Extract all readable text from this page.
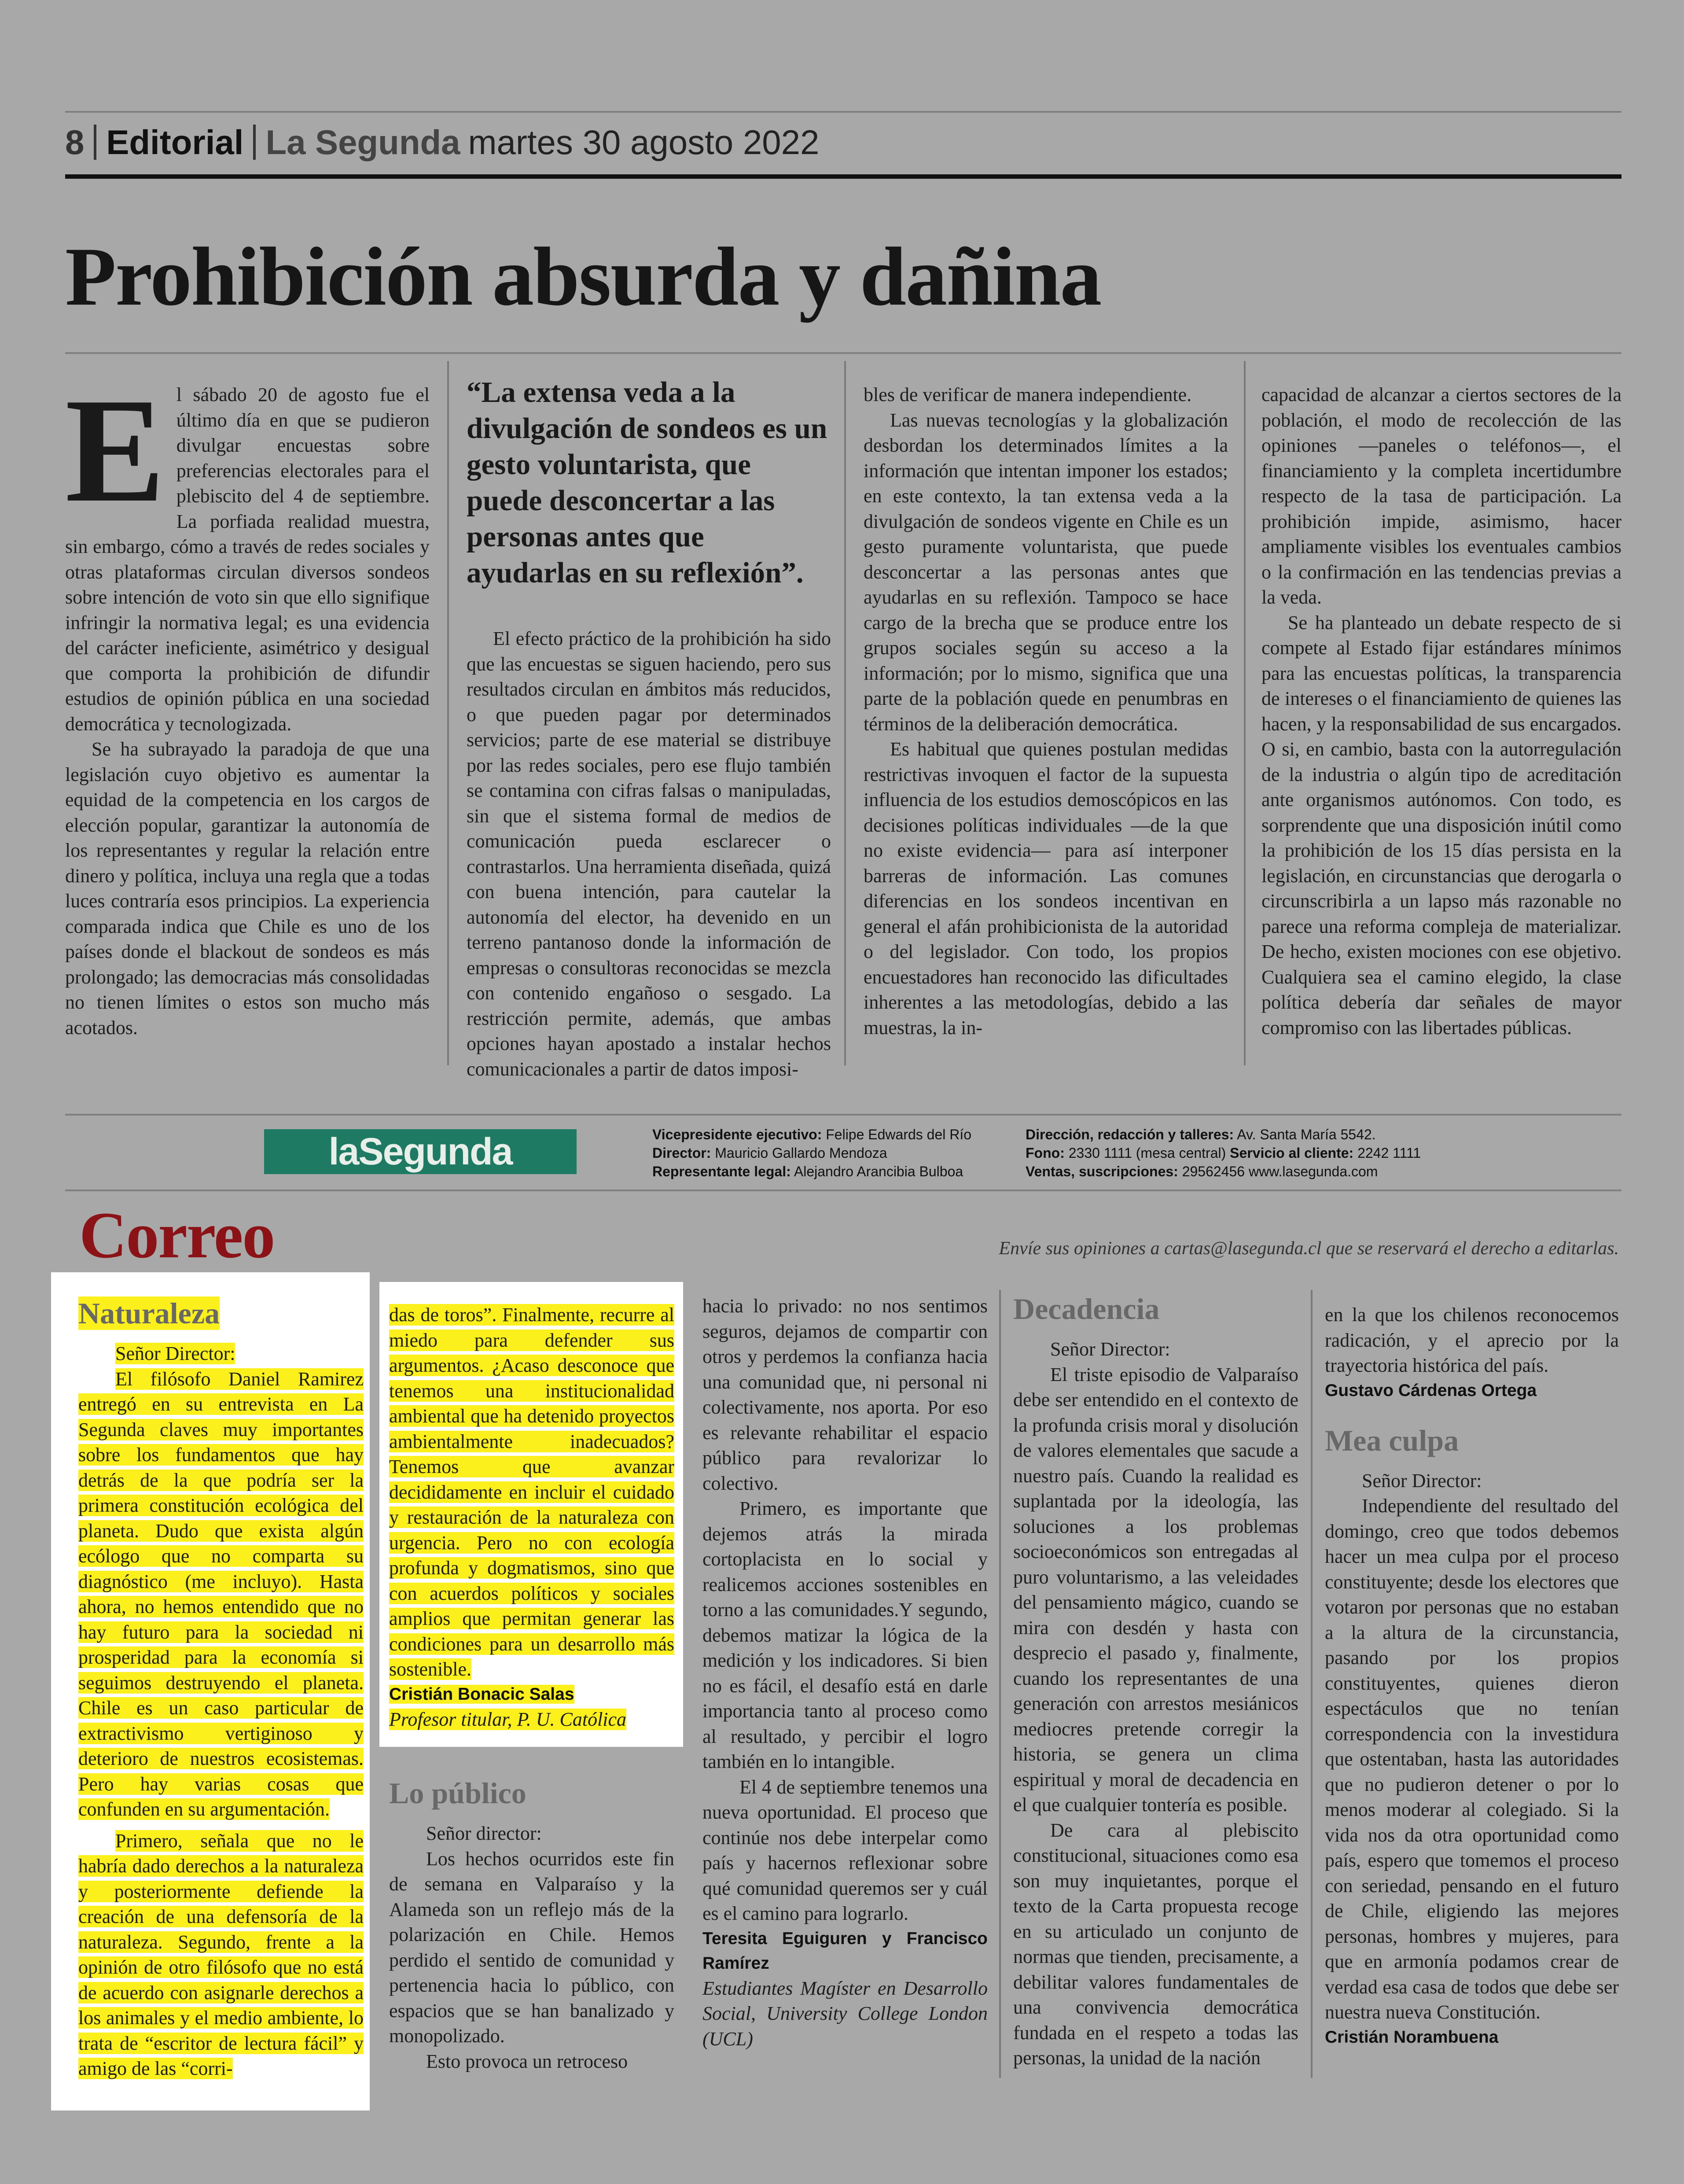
8 Editorial La Segunda martes 30 agosto 2022
Prohibición absurda y dañina
E l sábado 20 de agosto fue el último día en que se pudieron divulgar encuestas sobre preferencias electorales para el plebiscito del 4 de septiembre. La porfiada realidad muestra, sin embargo, cómo a través de redes sociales y otras plataformas circulan diversos sondeos sobre intención de voto sin que ello signifique infringir la normativa legal; es una evidencia del carácter ineficiente, asimétrico y desigual que comporta la prohibición de difundir estudios de opinión pública en una sociedad democrática y tecnologizada.

Se ha subrayado la paradoja de que una legislación cuyo objetivo es aumentar la equidad de la competencia en los cargos de elección popular, garantizar la autonomía de los representantes y regular la relación entre dinero y política, incluya una regla que a todas luces contraría esos principios. La experiencia comparada indica que Chile es uno de los países donde el blackout de sondeos es más prolongado; las democracias más consolidadas no tienen límites o estos son mucho más acotados.

“La extensa veda a la divulgación de sondeos es un gesto voluntarista, que puede desconcertar a las personas antes que ayudarlas en su reflexión”.

El efecto práctico de la prohibición ha sido que las encuestas se siguen haciendo, pero sus resultados circulan en ámbitos más reducidos, o que pueden pagar por determinados servicios; parte de ese material se distribuye por las redes sociales, pero ese flujo también se contamina con cifras falsas o manipuladas, sin que el sistema formal de medios de comunicación pueda esclarecer o contrastarlos. Una herramienta diseñada, quizá con buena intención, para cautelar la autonomía del elector, ha devenido en un terreno pantanoso donde la información de empresas o consultoras reconocidas se mezcla con contenido engañoso o sesgado. La restricción permite, además, que ambas opciones hayan apostado a instalar hechos comunicacionales a partir de datos imposi-

bles de verificar de manera independiente.

Las nuevas tecnologías y la globalización desbordan los determinados límites a la información que intentan imponer los estados; en este contexto, la tan extensa veda a la divulgación de sondeos vigente en Chile es un gesto puramente voluntarista, que puede desconcertar a las personas antes que ayudarlas en su reflexión. Tampoco se hace cargo de la brecha que se produce entre los grupos sociales según su acceso a la información; por lo mismo, significa que una parte de la población quede en penumbras en términos de la deliberación democrática.

Es habitual que quienes postulan medidas restrictivas invoquen el factor de la supuesta influencia de los estudios demoscópicos en las decisiones políticas individuales —de la que no existe evidencia— para así interponer barreras de información. Las comunes diferencias en los sondeos incentivan en general el afán prohibicionista de la autoridad o del legislador. Con todo, los propios encuestadores han reconocido las dificultades inherentes a las metodologías, debido a las muestras, la in-

capacidad de alcanzar a ciertos sectores de la población, el modo de recolección de las opiniones —paneles o teléfonos—, el financiamiento y la completa incertidumbre respecto de la tasa de participación. La prohibición impide, asimismo, hacer ampliamente visibles los eventuales cambios o la confirmación en las tendencias previas a la veda.

Se ha planteado un debate respecto de si compete al Estado fijar estándares mínimos para las encuestas políticas, la transparencia de intereses o el financiamiento de quienes las hacen, y la responsabilidad de sus encargados. O si, en cambio, basta con la autorregulación de la industria o algún tipo de acreditación ante organismos autónomos. Con todo, es sorprendente que una disposición inútil como la prohibición de los 15 días persista en la legislación, en circunstancias que derogarla o circunscribirla a un lapso más razonable no parece una reforma compleja de materializar. De hecho, existen mociones con ese objetivo. Cualquiera sea el camino elegido, la clase política debería dar señales de mayor compromiso con las libertades públicas.

laSegunda	Vicepresidente ejecutivo: Felipe Edwards del Río
Director: Mauricio Gallardo Mendoza
Representante legal: Alejandro Arancibia Bulboa
Dirección, redacción y talleres: Av. Santa María 5542.
Fono: 2330 1111 (mesa central) Servicio al cliente: 2242 1111
Ventas, suscripciones: 29562456 www.lasegunda.com
Correo	Envíe sus opiniones a cartas@lasegunda.cl que se reservará el derecho a editarlas.
Naturaleza

Señor Director:

El filósofo Daniel Ramirez entregó en su entrevista en La Segunda claves muy importantes sobre los fundamentos que hay detrás de la que podría ser la primera constitución ecológica del planeta. Dudo que exista algún ecólogo que no comparta su diagnóstico (me incluyo). Hasta ahora, no hemos entendido que no hay futuro para la sociedad ni prosperidad para la economía si seguimos destruyendo el planeta. Chile es un caso particular de extractivismo vertiginoso y deterioro de nuestros ecosistemas. Pero hay varias cosas que confunden en su argumentación.

Primero, señala que no le habría dado derechos a la naturaleza y posteriormente defiende la creación de una defensoría de la naturaleza. Segundo, frente a la opinión de otro filósofo que no está de acuerdo con asignarle derechos a los animales y el medio ambiente, lo trata de “escritor de lectura fácil” y amigo de las “corri-

das de toros”. Finalmente, recurre al miedo para defender sus argumentos. ¿Acaso desconoce que tenemos una institucionalidad ambiental que ha detenido proyectos ambientalmente inadecuados? Tenemos que avanzar decididamente en incluir el cuidado y restauración de la naturaleza con urgencia. Pero no con ecología profunda y dogmatismos, sino que con acuerdos políticos y sociales amplios que permitan generar las condiciones para un desarrollo más sostenible.

Cristián Bonacic Salas
Profesor titular, P. U. Católica
Lo público

Señor director:

Los hechos ocurridos este fin de semana en Valparaíso y la Alameda son un reflejo más de la polarización en Chile. Hemos perdido el sentido de comunidad y pertenencia hacia lo público, con espacios que se han banalizado y monopolizado.

Esto provoca un retroceso

hacia lo privado: no nos sentimos seguros, dejamos de compartir con otros y perdemos la confianza hacia una comunidad que, ni personal ni colectivamente, nos aporta. Por eso es relevante rehabilitar el espacio público para revalorizar lo colectivo.

Primero, es importante que dejemos atrás la mirada cortoplacista en lo social y realicemos acciones sostenibles en torno a las comunidades.Y segundo, debemos matizar la lógica de la medición y los indicadores. Si bien no es fácil, el desafío está en darle importancia tanto al proceso como al resultado, y percibir el logro también en lo intangible.

El 4 de septiembre tenemos una nueva oportunidad. El proceso que continúe nos debe interpelar como país y hacernos reflexionar sobre qué comunidad queremos ser y cuál es el camino para lograrlo.

Teresita Eguiguren y Francisco Ramírez
Estudiantes Magíster en Desarrollo Social, University College London (UCL)
Decadencia

Señor Director:

El triste episodio de Valparaíso debe ser entendido en el contexto de la profunda crisis moral y disolución de valores elementales que sacude a nuestro país. Cuando la realidad es suplantada por la ideología, las soluciones a los problemas socioeconómicos son entregadas al puro voluntarismo, a las veleidades del pensamiento mágico, cuando se mira con desdén y hasta con desprecio el pasado y, finalmente, cuando los representantes de una generación con arrestos mesiánicos mediocres pretende corregir la historia, se genera un clima espiritual y moral de decadencia en el que cualquier tontería es posible.

De cara al plebiscito constitucional, situaciones como esa son muy inquietantes, porque el texto de la Carta propuesta recoge en su articulado un conjunto de normas que tienden, precisamente, a debilitar valores fundamentales de una convivencia democrática fundada en el respeto a todas las personas, la unidad de la nación

en la que los chilenos reconocemos radicación, y el aprecio por la trayectoria histórica del país.

Gustavo Cárdenas Ortega
Mea culpa

Señor Director:

Independiente del resultado del domingo, creo que todos debemos hacer un mea culpa por el proceso constituyente; desde los electores que votaron por personas que no estaban a la altura de la circunstancia, pasando por los propios constituyentes, quienes dieron espectáculos que no tenían correspondencia con la investidura que ostentaban, hasta las autoridades que no pudieron detener o por lo menos moderar al colegiado. Si la vida nos da otra oportunidad como país, espero que tomemos el proceso con seriedad, pensando en el futuro de Chile, eligiendo las mejores personas, hombres y mujeres, para que en armonía podamos crear de verdad esa casa de todos que debe ser nuestra nueva Constitución.

Cristián Norambuena
